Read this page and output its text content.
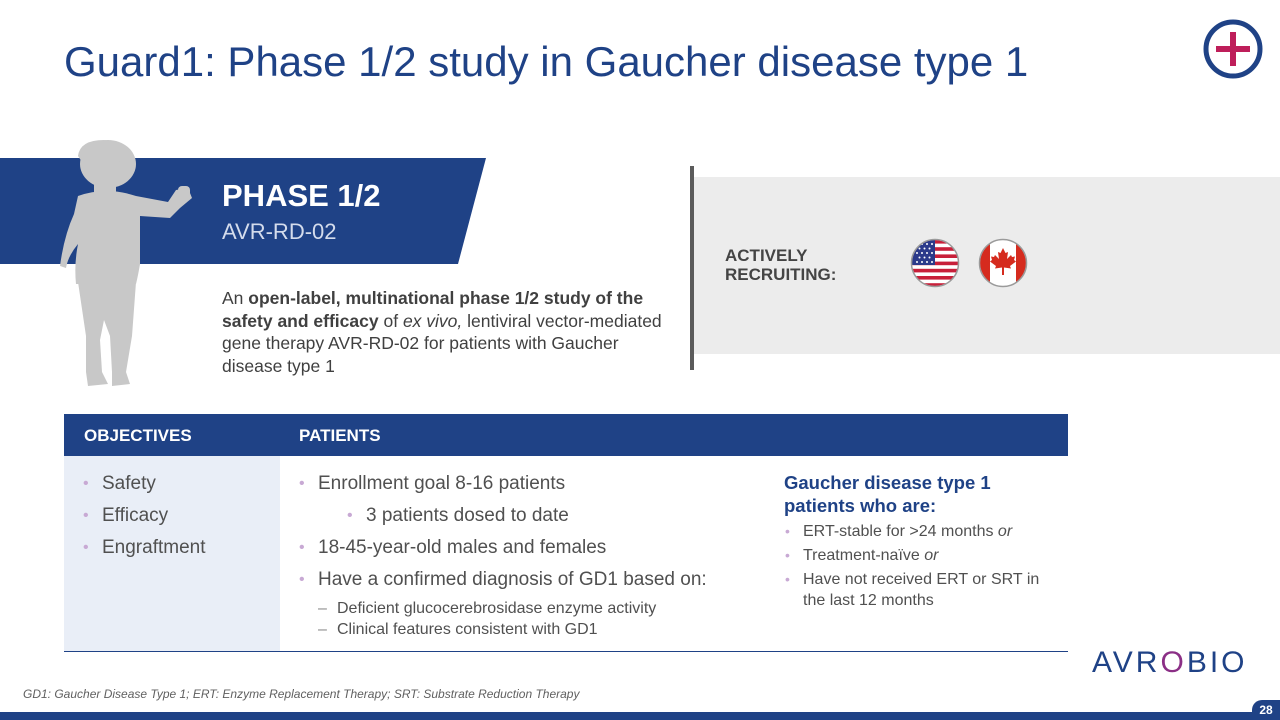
Guard1: Phase 1/2 study in Gaucher disease type 1
PHASE 1/2
AVR-RD-02
An open-label, multinational phase 1/2 study of the safety and efficacy of ex vivo, lentiviral vector-mediated gene therapy AVR-RD-02 for patients with Gaucher disease type 1
ACTIVELY RECRUITING:
OBJECTIVES	PATIENTS
• Safety
• Efficacy
• Engraftment
• Enrollment goal 8-16 patients
• 3 patients dosed to date
• 18-45-year-old males and females
• Have a confirmed diagnosis of GD1 based on:
– Deficient glucocerebrosidase enzyme activity
– Clinical features consistent with GD1
Gaucher disease type 1 patients who are:
• ERT-stable for >24 months or
• Treatment-naïve or
• Have not received ERT or SRT in the last 12 months
AVROBIO
GD1: Gaucher Disease Type 1; ERT: Enzyme Replacement Therapy; SRT: Substrate Reduction Therapy
28
